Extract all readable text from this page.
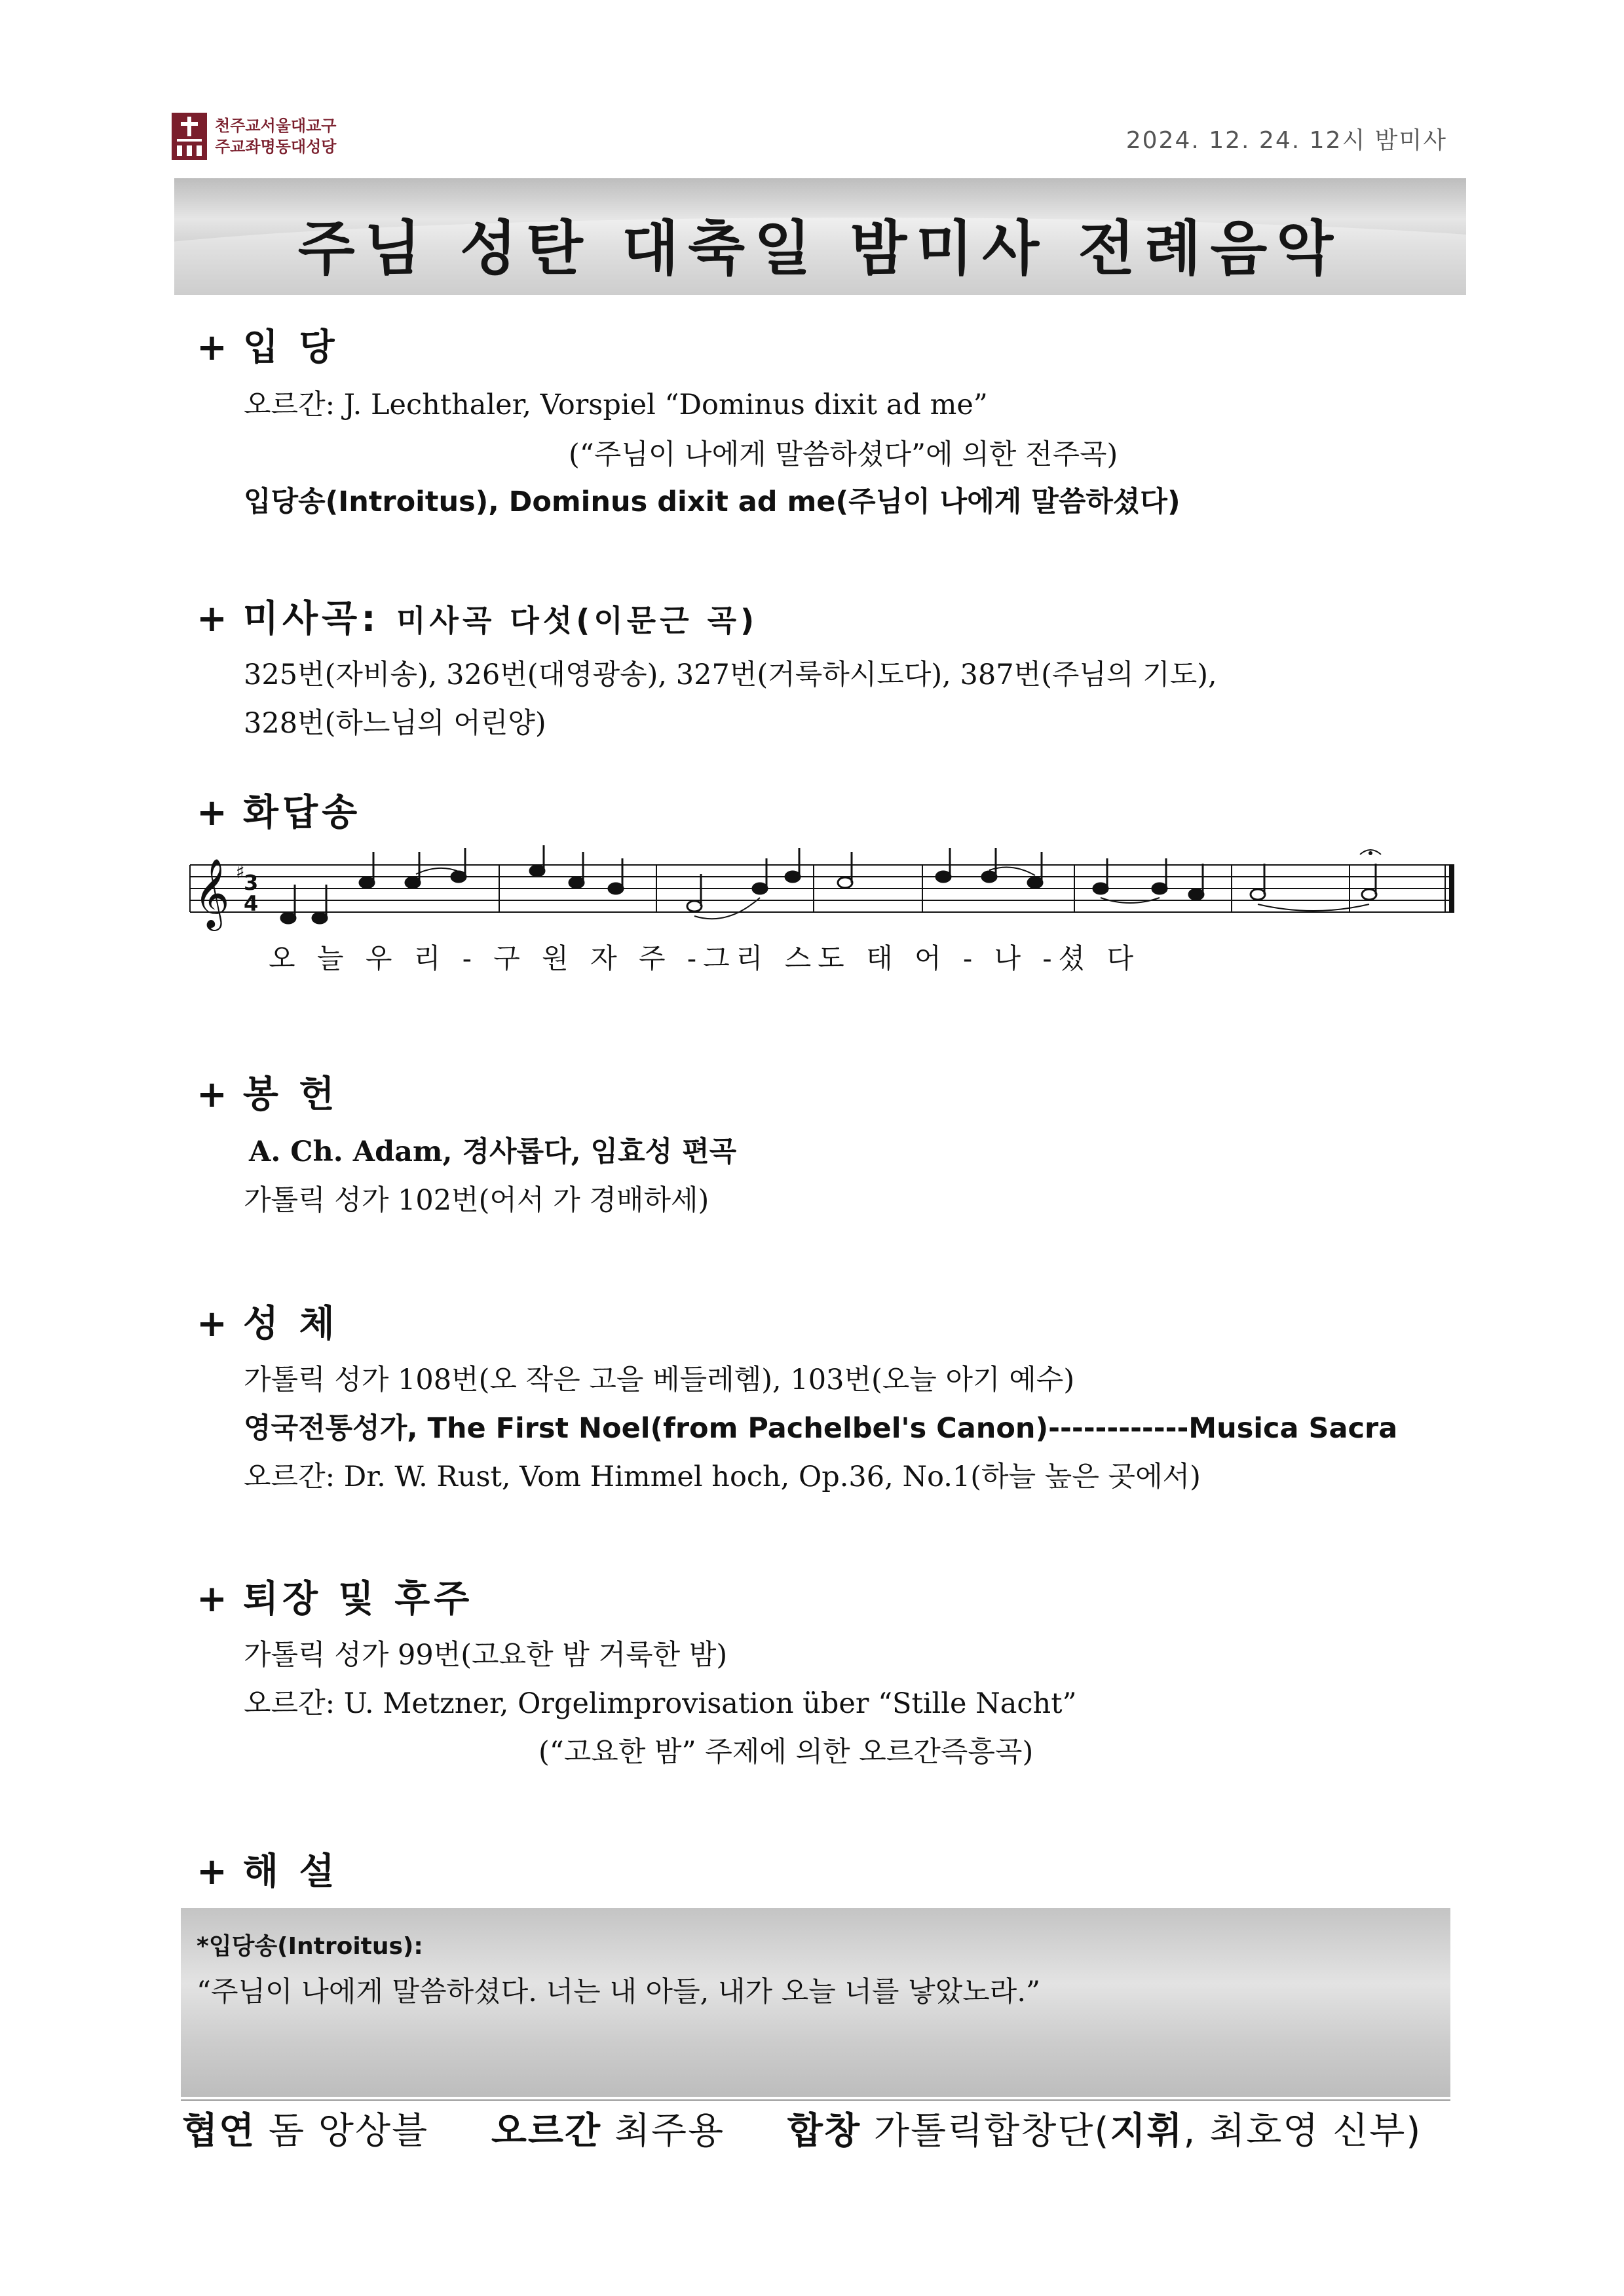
천주교서울대교구
주교좌명동대성당	2024. 12. 24. 12시 밤미사
주님 성탄 대축일 밤미사 전례음악
+ 입 당
오르간: J. Lechthaler, Vorspiel “Dominus dixit ad me”
(“주님이 나에게 말씀하셨다”에 의한 전주곡)
입당송(Introitus), Dominus dixit ad me(주님이 나에게 말씀하셨다)
+ 미사곡: 미사곡 다섯(이문근 곡)
325번(자비송), 326번(대영광송), 327번(거룩하시도다), 387번(주님의 기도),
328번(하느님의 어린양)
+ 화답송
𝄞 ♯
3
4
오 늘 우 리 - 구 원 자 주 -그리 스도 태 어 - 나 -셨 다
+ 봉 헌
A. Ch. Adam, 경사롭다, 임효성 편곡
가톨릭 성가 102번(어서 가 경배하세)
+ 성 체
가톨릭 성가 108번(오 작은 고을 베들레헴), 103번(오늘 아기 예수)
영국전통성가, The First Noel(from Pachelbel's Canon)------------Musica Sacra
오르간: Dr. W. Rust, Vom Himmel hoch, Op.36, No.1(하늘 높은 곳에서)
+ 퇴장 및 후주
가톨릭 성가 99번(고요한 밤 거룩한 밤)
오르간: U. Metzner, Orgelimprovisation über “Stille Nacht”
(“고요한 밤” 주제에 의한 오르간즉흥곡)
+ 해 설
*입당송(Introitus):
“주님이 나에게 말씀하셨다. 너는 내 아들, 내가 오늘 너를 낳았노라.”
협연 돔 앙상블 오르간 최주용 합창 가톨릭합창단(지휘, 최호영 신부)
